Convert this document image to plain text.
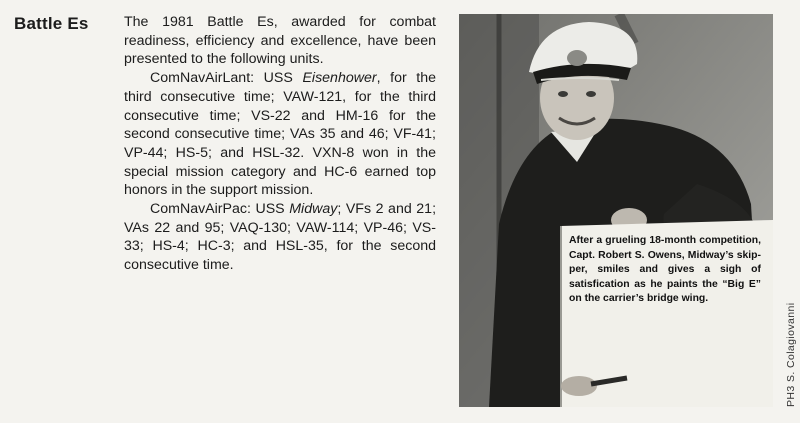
Battle Es The 1981 Battle Es, awarded for combat readiness, efficiency and excellence, have been presented to the following units.

ComNavAirLant: USS Eisenhower, for the third consecutive time; VAW-121, for the third consecutive time; VS-22 and HM-16 for the second consecutive time; VAs 35 and 46; VF-41; VP-44; HS-5; and HSL-32. VXN-8 won in the special mission category and HC-6 earned top honors in the support mission.

ComNavAirPac: USS Midway; VFs 2 and 21; VAs 22 and 95; VAQ-130; VAW-114; VP-46; VS-33; HS-4; HC-3; and HSL-35, for the second consecutive time.

After a grueling 18-month competition, Capt. Robert S. Owens, Midway’s skipper, smiles and gives a sigh of satisfication as he paints the “Big E” on the carrier’s bridge wing.
PH3 S. Colagiovanni
